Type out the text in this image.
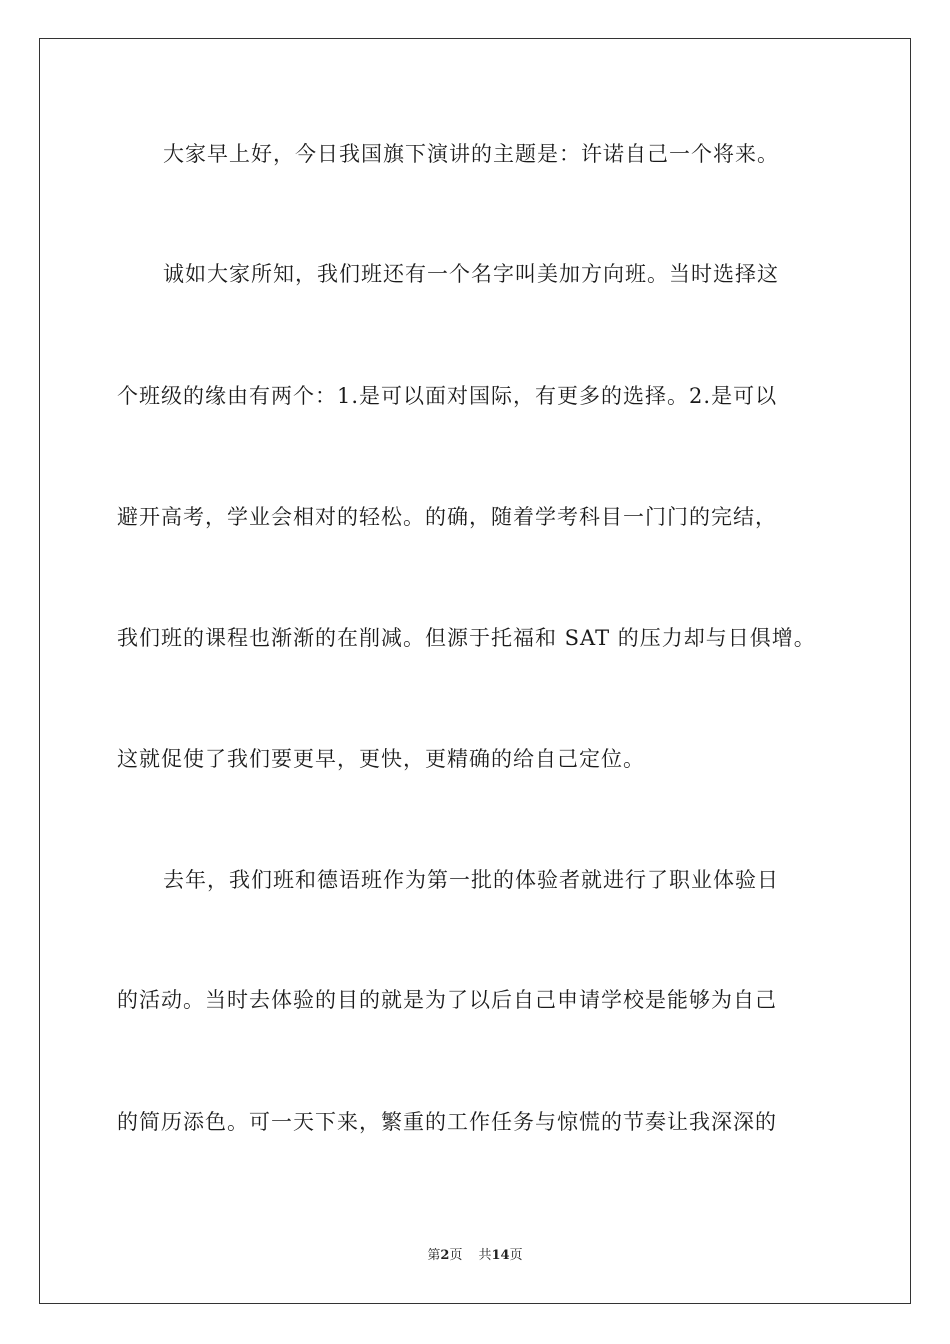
大家早上好，今日我国旗下演讲的主题是：许诺自己一个将来。
诚如大家所知，我们班还有一个名字叫美加方向班。当时选择这
个班级的缘由有两个：1.是可以面对国际，有更多的选择。2.是可以
避开高考，学业会相对的轻松。的确，随着学考科目一门门的完结，
我们班的课程也渐渐的在削减。但源于托福和 SAT 的压力却与日俱增。
这就促使了我们要更早，更快，更精确的给自己定位。
去年，我们班和德语班作为第一批的体验者就进行了职业体验日
的活动。当时去体验的目的就是为了以后自己申请学校是能够为自己
的简历添色。可一天下来，繁重的工作任务与惊慌的节奏让我深深的
第2页 共14页
